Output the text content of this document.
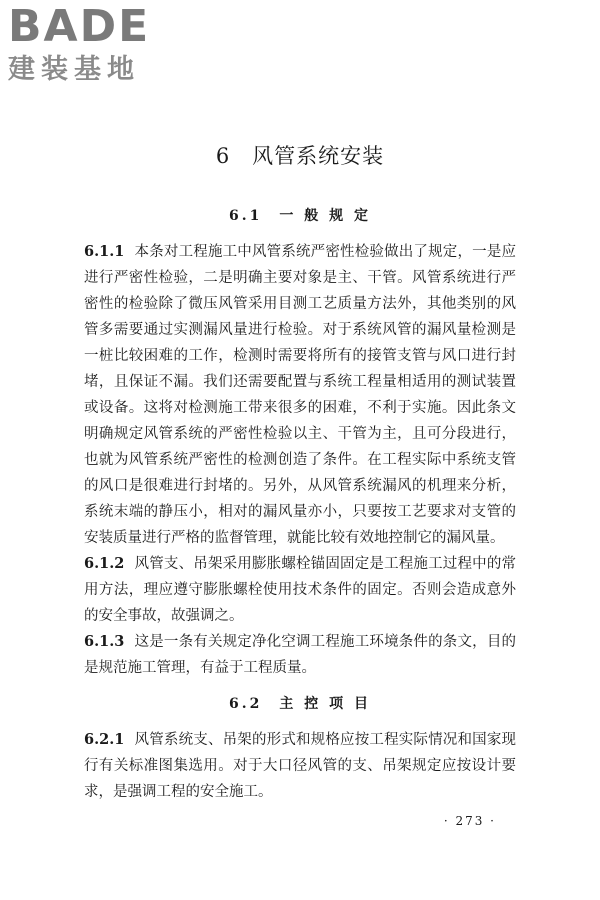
BADE
建装基地
6　风管系统安装
6.1　一 般 规 定

6.1.1 本条对工程施工中风管系统严密性检验做出了规定，一是应进行严密性检验，二是明确主要对象是主、干管。风管系统进行严密性的检验除了微压风管采用目测工艺质量方法外，其他类别的风管多需要通过实测漏风量进行检验。对于系统风管的漏风量检测是一桩比较困难的工作，检测时需要将所有的接管支管与风口进行封堵，且保证不漏。我们还需要配置与系统工程量相适用的测试装置或设备。这将对检测施工带来很多的困难，不利于实施。因此条文明确规定风管系统的严密性检验以主、干管为主，且可分段进行，也就为风管系统严密性的检测创造了条件。在工程实际中系统支管的风口是很难进行封堵的。另外，从风管系统漏风的机理来分析，系统末端的静压小，相对的漏风量亦小，只要按工艺要求对支管的安装质量进行严格的监督管理，就能比较有效地控制它的漏风量。

6.1.2 风管支、吊架采用膨胀螺栓锚固固定是工程施工过程中的常用方法，理应遵守膨胀螺栓使用技术条件的固定。否则会造成意外的安全事故，故强调之。

6.1.3 这是一条有关规定净化空调工程施工环境条件的条文，目的是规范施工管理，有益于工程质量。

6.2　主 控 项 目

6.2.1 风管系统支、吊架的形式和规格应按工程实际情况和国家现行有关标准图集选用。对于大口径风管的支、吊架规定应按设计要求，是强调工程的安全施工。

· 273 ·
